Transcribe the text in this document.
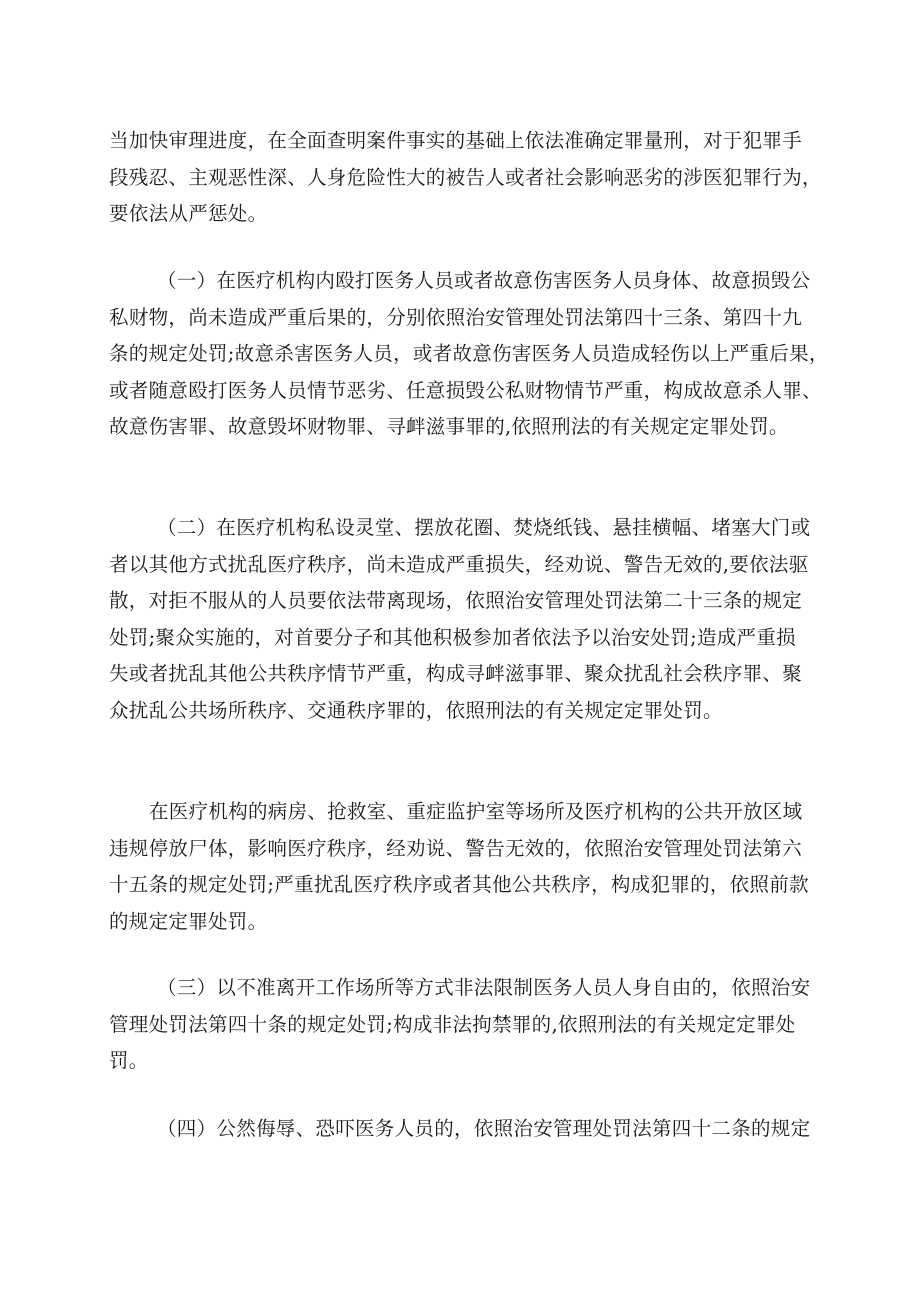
当加快审理进度，在全面查明案件事实的基础上依法准确定罪量刑，对于犯罪手
段残忍、主观恶性深、人身危险性大的被告人或者社会影响恶劣的涉医犯罪行为，
要依法从严惩处。
（一）在医疗机构内殴打医务人员或者故意伤害医务人员身体、故意损毁公
私财物，尚未造成严重后果的，分别依照治安管理处罚法第四十三条、第四十九
条的规定处罚;故意杀害医务人员，或者故意伤害医务人员造成轻伤以上严重后果，
或者随意殴打医务人员情节恶劣、任意损毁公私财物情节严重，构成故意杀人罪、
故意伤害罪、故意毁坏财物罪、寻衅滋事罪的,依照刑法的有关规定定罪处罚。
（二）在医疗机构私设灵堂、摆放花圈、焚烧纸钱、悬挂横幅、堵塞大门或
者以其他方式扰乱医疗秩序，尚未造成严重损失，经劝说、警告无效的,要依法驱
散，对拒不服从的人员要依法带离现场，依照治安管理处罚法第二十三条的规定
处罚;聚众实施的，对首要分子和其他积极参加者依法予以治安处罚;造成严重损
失或者扰乱其他公共秩序情节严重，构成寻衅滋事罪、聚众扰乱社会秩序罪、聚
众扰乱公共场所秩序、交通秩序罪的，依照刑法的有关规定定罪处罚。
在医疗机构的病房、抢救室、重症监护室等场所及医疗机构的公共开放区域
违规停放尸体，影响医疗秩序，经劝说、警告无效的，依照治安管理处罚法第六
十五条的规定处罚;严重扰乱医疗秩序或者其他公共秩序，构成犯罪的，依照前款
的规定定罪处罚。
（三）以不准离开工作场所等方式非法限制医务人员人身自由的，依照治安
管理处罚法第四十条的规定处罚;构成非法拘禁罪的,依照刑法的有关规定定罪处
罚。
（四）公然侮辱、恐吓医务人员的，依照治安管理处罚法第四十二条的规定
